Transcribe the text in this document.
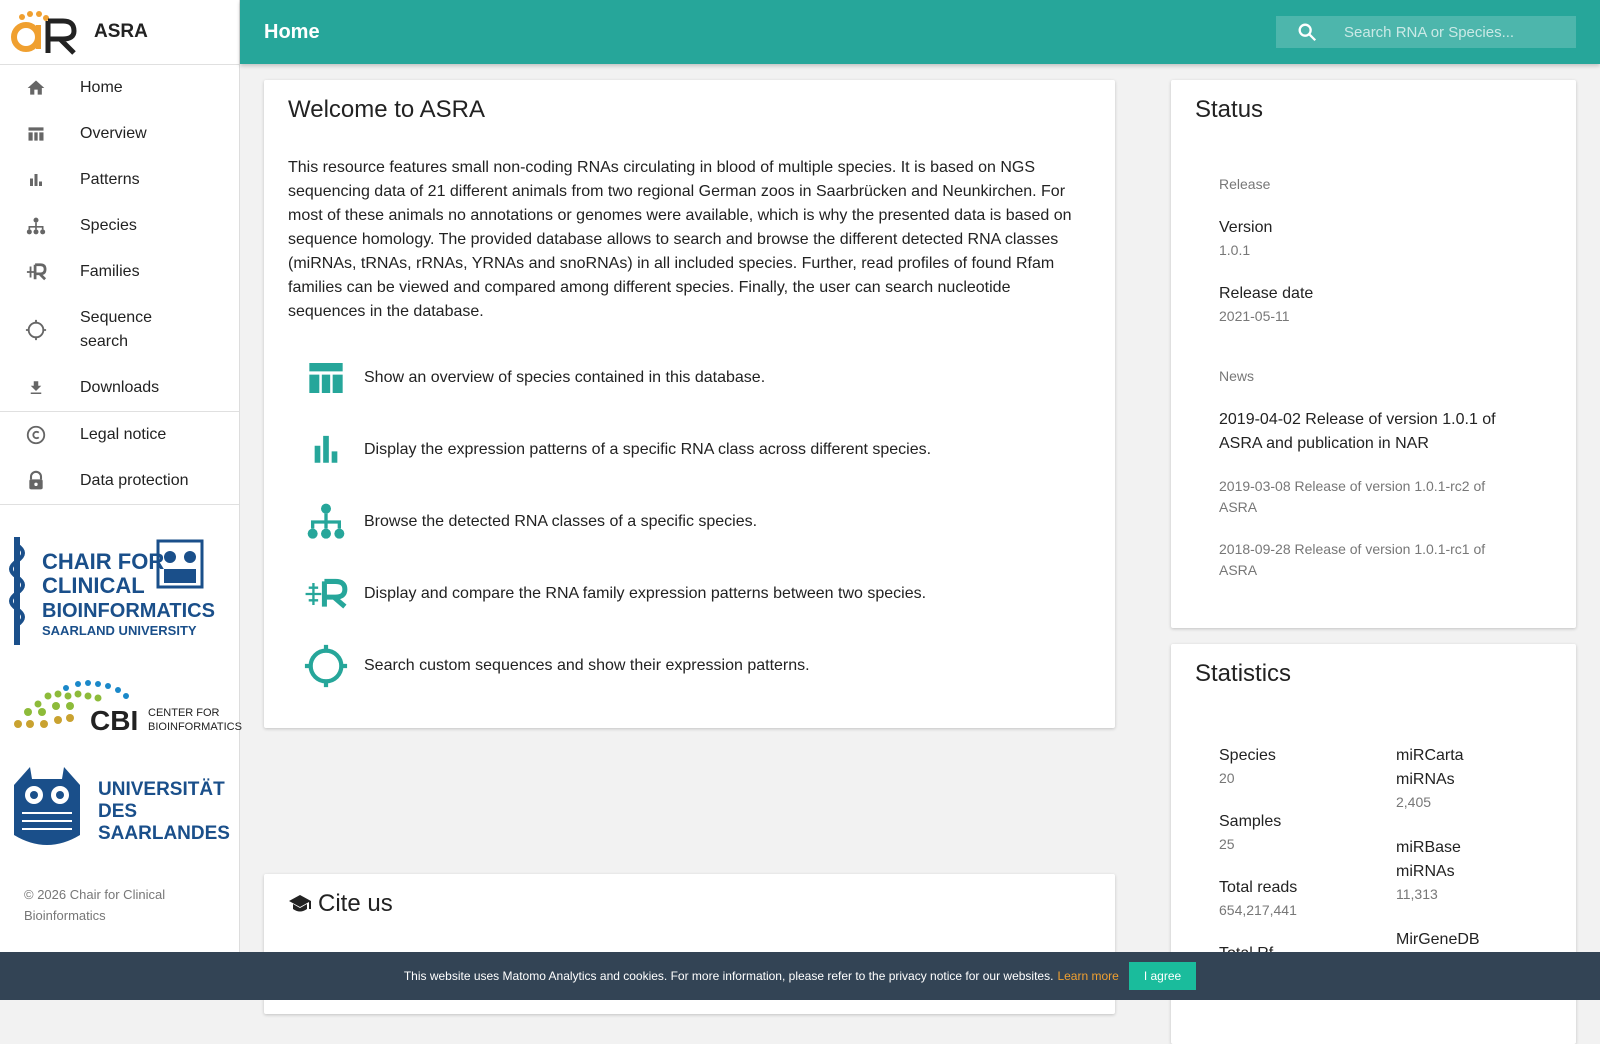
ASRA
Home
Overview
Patterns
Species
Families
Sequence search
Downloads
Legal notice
Data protection
CHAIR FOR
CLINICAL
BIOINFORMATICS
SAARLAND UNIVERSITY
CBI CENTER FOR
BIOINFORMATICS
UNIVERSITÄT
DES
SAARLANDES
© 2026 Chair for Clinical Bioinformatics
Home
Search RNA or Species...
Welcome to ASRA

This resource features small non-coding RNAs circulating in blood of multiple species. It is based on NGS sequencing data of 21 different animals from two regional German zoos in Saarbrücken and Neunkirchen. For most of these animals no annotations or genomes were available, which is why the presented data is based on sequence homology. The provided database allows to search and browse the different detected RNA classes (miRNAs, tRNAs, rRNAs, YRNAs and snoRNAs) in all included species. Further, read profiles of found Rfam families can be viewed and compared among different species. Finally, the user can search nucleotide sequences in the database.

Show an overview of species contained in this database.
Display the expression patterns of a specific RNA class across different species.
Browse the detected RNA classes of a specific species.
Display and compare the RNA family expression patterns between two species.
Search custom sequences and show their expression patterns.
Cite us
Status
Release
Version
1.0.1
Release date
2021-05-11
News
2019-04-02 Release of version 1.0.1 of ASRA and publication in NAR
2019-03-08 Release of version 1.0.1-rc2 of ASRA
2018-09-28 Release of version 1.0.1-rc1 of ASRA
Statistics
Species
20
Samples
25
Total reads
654,217,441
miRCarta miRNAs
2,405
miRBase miRNAs
11,313
MirGeneDB
This website uses Matomo Analytics and cookies. For more information, please refer to the privacy notice for our websites. Learn more	I agree
